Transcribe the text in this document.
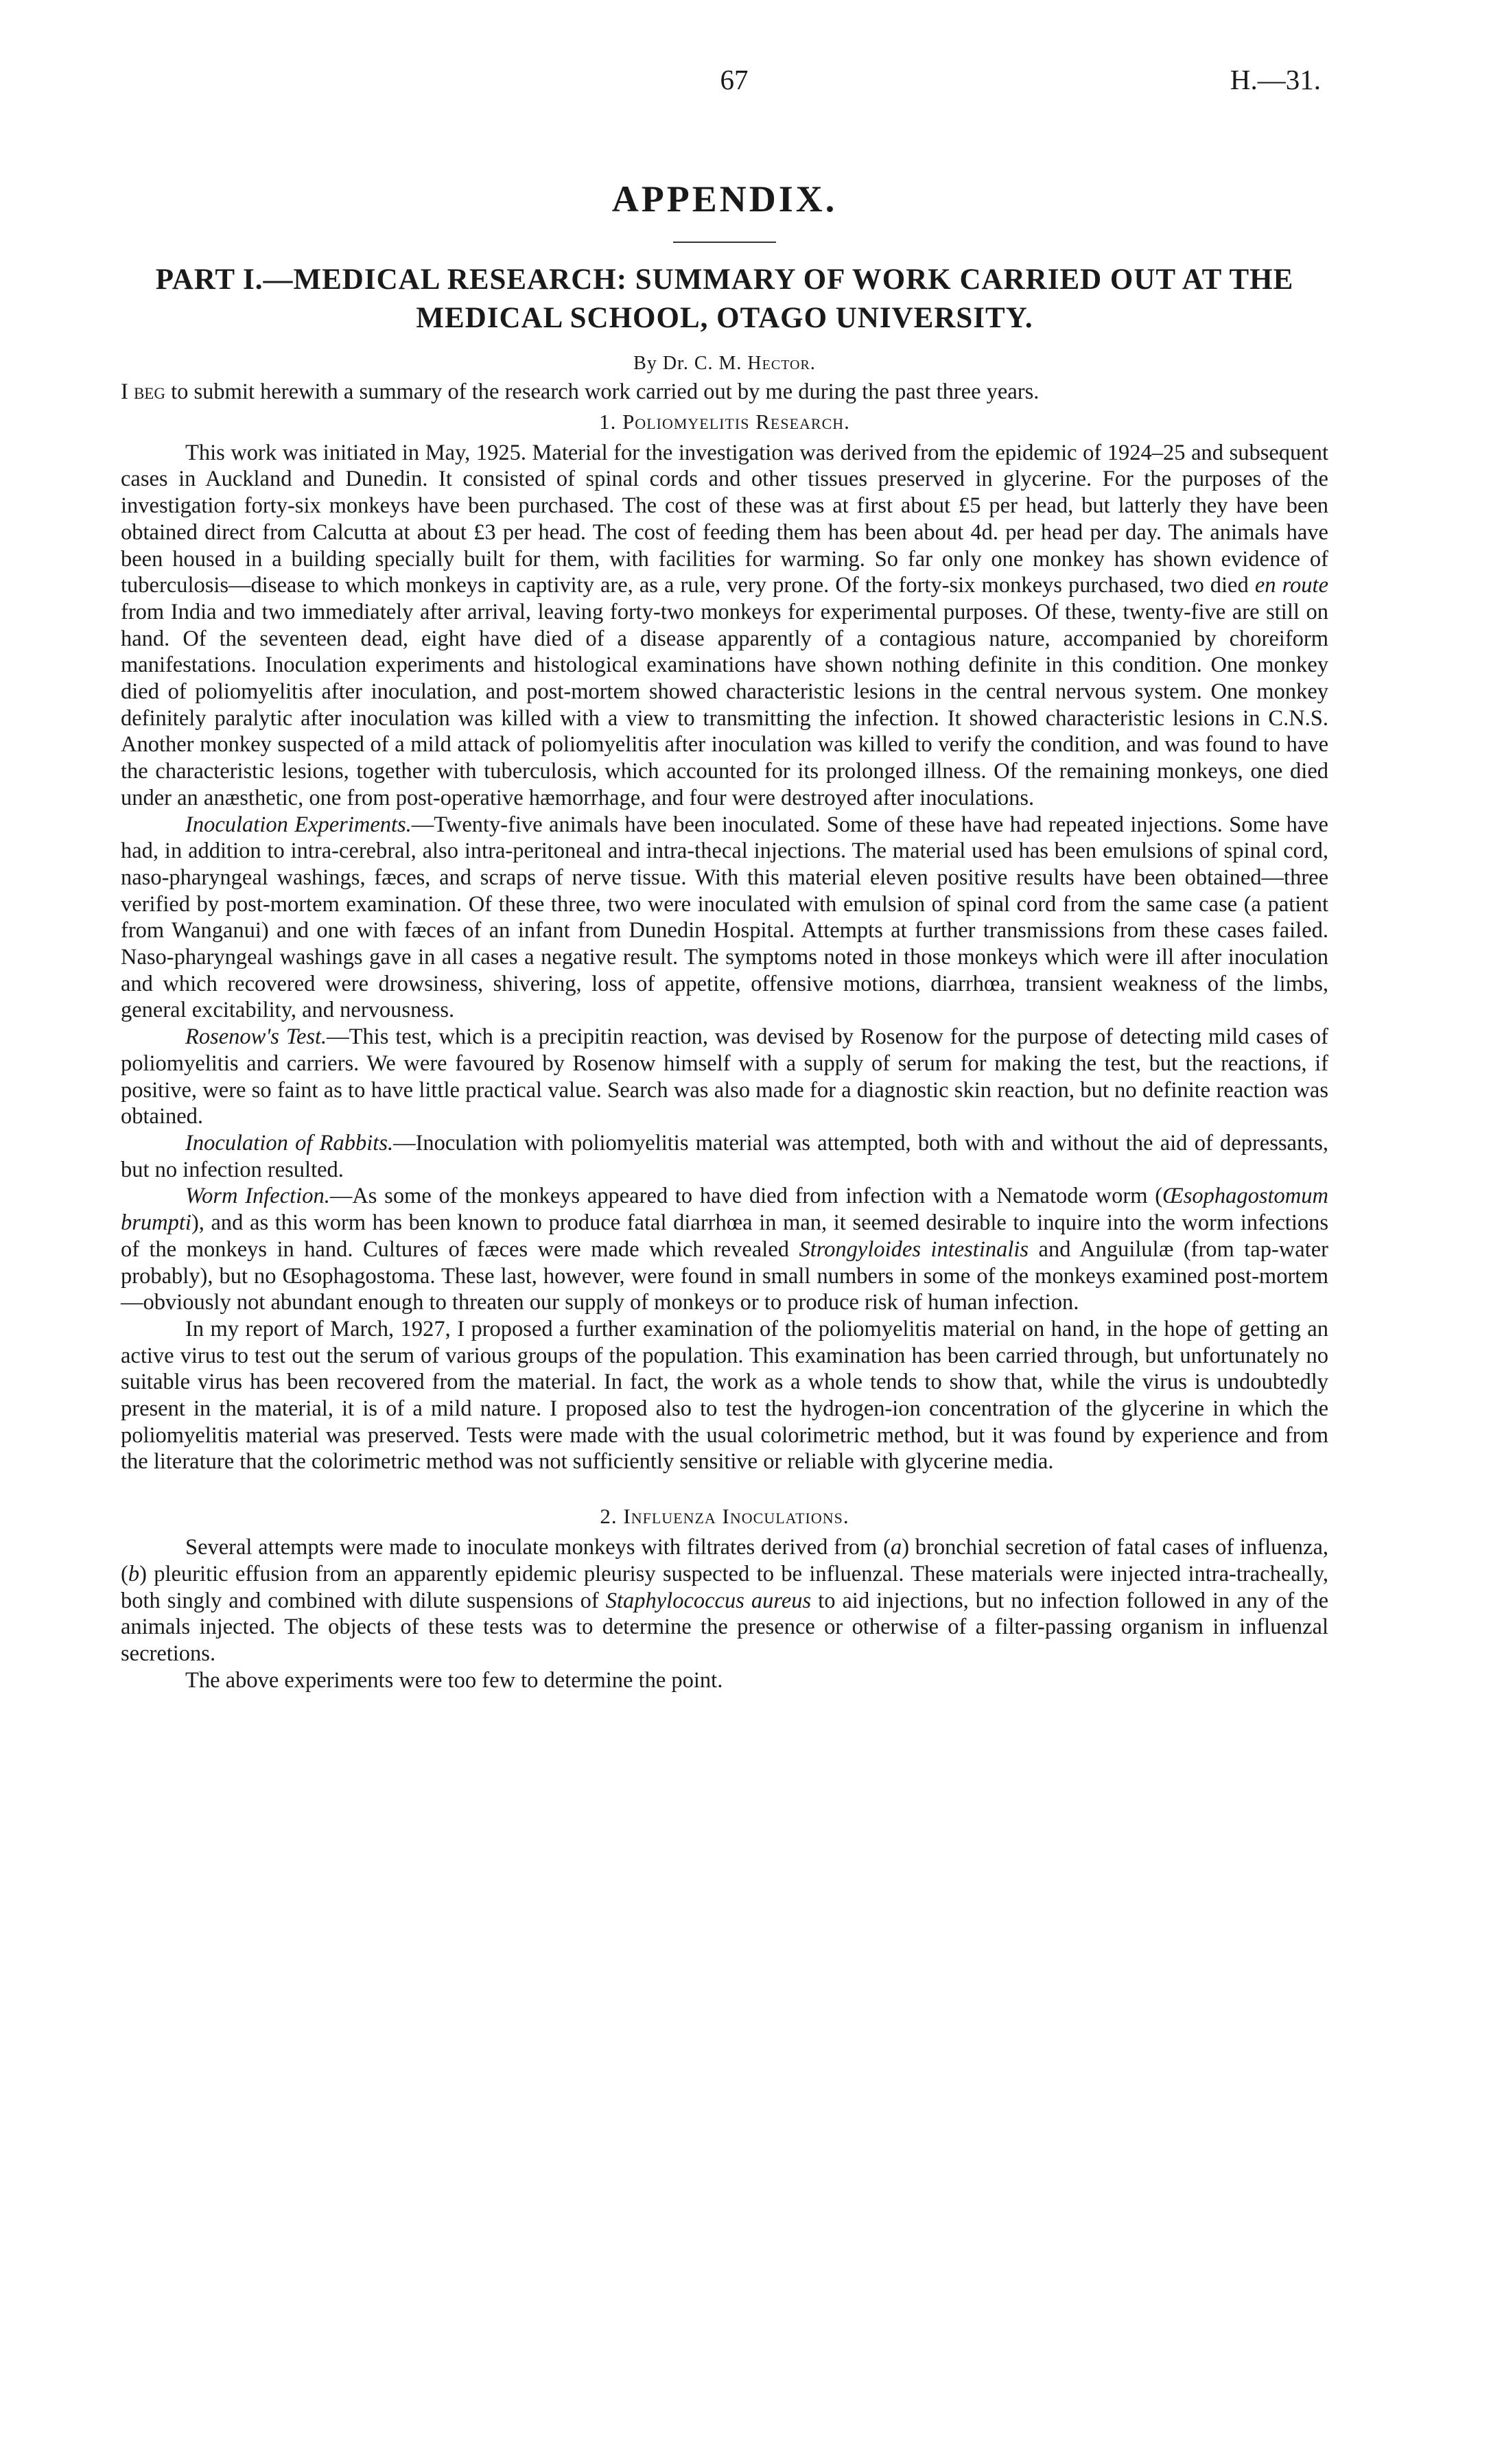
67	H.—31.
APPENDIX.
PART I.—MEDICAL RESEARCH: SUMMARY OF WORK CARRIED OUT AT THE MEDICAL SCHOOL, OTAGO UNIVERSITY.
By Dr. C. M. Hector.

I beg to submit herewith a summary of the research work carried out by me during the past three years.

1. Poliomyelitis Research.

This work was initiated in May, 1925. Material for the investigation was derived from the epidemic of 1924–25 and subsequent cases in Auckland and Dunedin. It consisted of spinal cords and other tissues preserved in glycerine. For the purposes of the investigation forty-six monkeys have been purchased. The cost of these was at first about £5 per head, but latterly they have been obtained direct from Calcutta at about £3 per head. The cost of feeding them has been about 4d. per head per day. The animals have been housed in a building specially built for them, with facilities for warming. So far only one monkey has shown evidence of tuberculosis—disease to which monkeys in captivity are, as a rule, very prone. Of the forty-six monkeys purchased, two died en route from India and two immediately after arrival, leaving forty-two monkeys for experimental purposes. Of these, twenty-five are still on hand. Of the seventeen dead, eight have died of a disease apparently of a contagious nature, accompanied by choreiform manifestations. Inoculation experiments and histological examinations have shown nothing definite in this condition. One monkey died of poliomyelitis after inoculation, and post-mortem showed characteristic lesions in the central nervous system. One monkey definitely paralytic after inoculation was killed with a view to transmitting the infection. It showed characteristic lesions in C.N.S. Another monkey suspected of a mild attack of poliomyelitis after inoculation was killed to verify the condition, and was found to have the characteristic lesions, together with tuberculosis, which accounted for its prolonged illness. Of the remaining monkeys, one died under an anæsthetic, one from post-operative hæmorrhage, and four were destroyed after inoculations.

Inoculation Experiments.—Twenty-five animals have been inoculated. Some of these have had repeated injections. Some have had, in addition to intra-cerebral, also intra-peritoneal and intra-thecal injections. The material used has been emulsions of spinal cord, naso-pharyngeal washings, fæces, and scraps of nerve tissue. With this material eleven positive results have been obtained—three verified by post-mortem examination. Of these three, two were inoculated with emulsion of spinal cord from the same case (a patient from Wanganui) and one with fæces of an infant from Dunedin Hospital. Attempts at further transmissions from these cases failed. Naso-pharyngeal washings gave in all cases a negative result. The symptoms noted in those monkeys which were ill after inoculation and which recovered were drowsiness, shivering, loss of appetite, offensive motions, diarrhœa, transient weakness of the limbs, general excitability, and nervousness.

Rosenow's Test.—This test, which is a precipitin reaction, was devised by Rosenow for the purpose of detecting mild cases of poliomyelitis and carriers. We were favoured by Rosenow himself with a supply of serum for making the test, but the reactions, if positive, were so faint as to have little practical value. Search was also made for a diagnostic skin reaction, but no definite reaction was obtained.

Inoculation of Rabbits.—Inoculation with poliomyelitis material was attempted, both with and without the aid of depressants, but no infection resulted.

Worm Infection.—As some of the monkeys appeared to have died from infection with a Nematode worm (Œsophagostomum brumpti), and as this worm has been known to produce fatal diarrhœa in man, it seemed desirable to inquire into the worm infections of the monkeys in hand. Cultures of fæces were made which revealed Strongyloides intestinalis and Anguilulæ (from tap-water probably), but no Œsophagostoma. These last, however, were found in small numbers in some of the monkeys examined post-mortem—obviously not abundant enough to threaten our supply of monkeys or to produce risk of human infection.

In my report of March, 1927, I proposed a further examination of the poliomyelitis material on hand, in the hope of getting an active virus to test out the serum of various groups of the population. This examination has been carried through, but unfortunately no suitable virus has been recovered from the material. In fact, the work as a whole tends to show that, while the virus is undoubtedly present in the material, it is of a mild nature. I proposed also to test the hydrogen-ion concentration of the glycerine in which the poliomyelitis material was preserved. Tests were made with the usual colorimetric method, but it was found by experience and from the literature that the colorimetric method was not sufficiently sensitive or reliable with glycerine media.

2. Influenza Inoculations.

Several attempts were made to inoculate monkeys with filtrates derived from (a) bronchial secretion of fatal cases of influenza, (b) pleuritic effusion from an apparently epidemic pleurisy suspected to be influenzal. These materials were injected intra-tracheally, both singly and combined with dilute suspensions of Staphylococcus aureus to aid injections, but no infection followed in any of the animals injected. The objects of these tests was to determine the presence or otherwise of a filter-passing organism in influenzal secretions.

The above experiments were too few to determine the point.
